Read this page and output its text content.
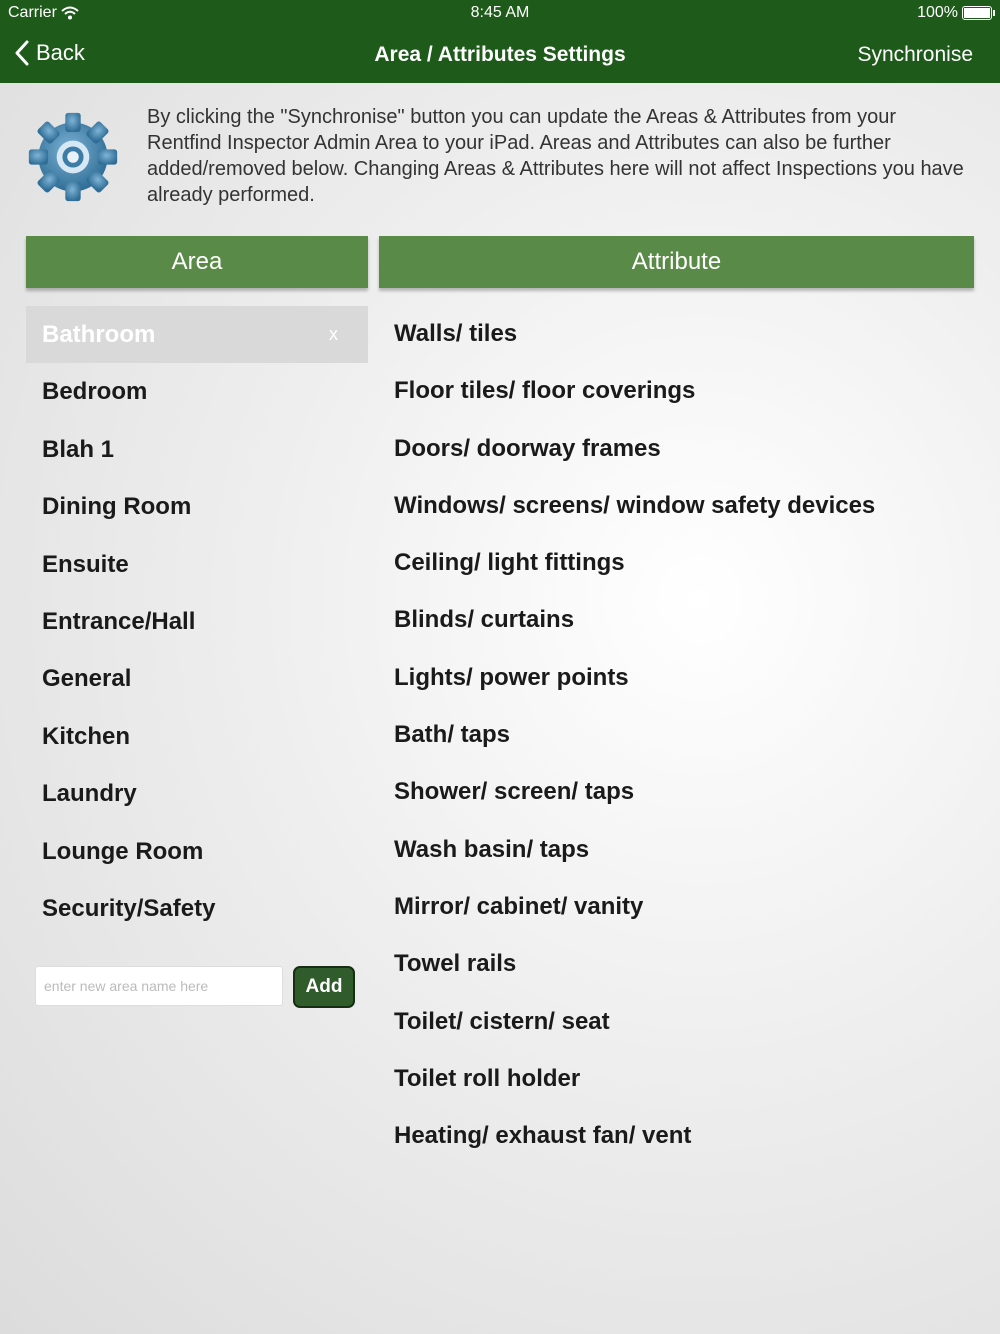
Carrier	8:45 AM	100%
Back	Area / Attributes Settings	Synchronise
By clicking the "Synchronise" button you can update the Areas & Attributes from your Rentfind Inspector Admin Area to your iPad. Areas and Attributes can also be further added/removed below. Changing Areas & Attributes here will not affect Inspections you have already performed.
Area	Attribute
Bathroom	x
Bedroom
Blah 1
Dining Room
Ensuite
Entrance/Hall
General
Kitchen
Laundry
Lounge Room
Security/Safety
enter new area name here
Add
Walls/ tiles
Floor tiles/ floor coverings
Doors/ doorway frames
Windows/ screens/ window safety devices
Ceiling/ light fittings
Blinds/ curtains
Lights/ power points
Bath/ taps
Shower/ screen/ taps
Wash basin/ taps
Mirror/ cabinet/ vanity
Towel rails
Toilet/ cistern/ seat
Toilet roll holder
Heating/ exhaust fan/ vent
